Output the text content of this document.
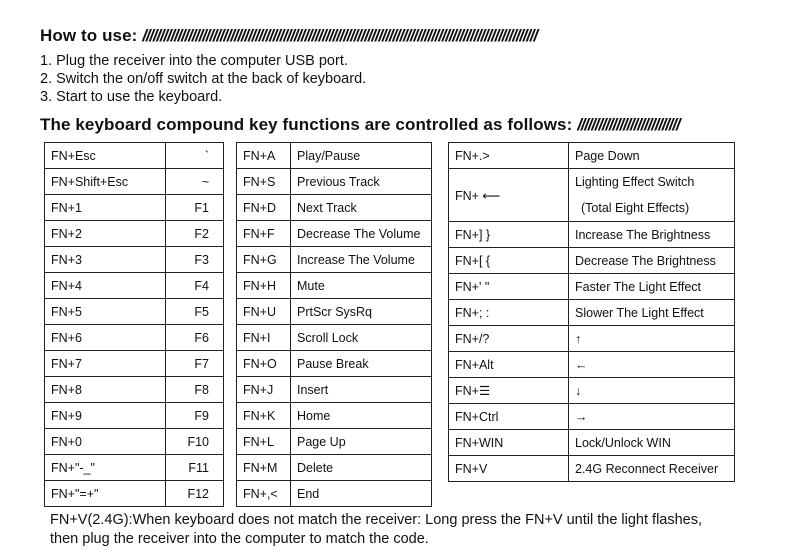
How to use: ////////////////////////////////////////////////////////////////////////////////////////////////////////////////
1. Plug the receiver into the computer USB port.
2. Switch the on/off switch at the back of keyboard.
3. Start to use the keyboard.
The keyboard compound key functions are controlled as follows: /////////////////////////////
FN+Esc	`
FN+Shift+Esc	~
FN+1	F1
FN+2	F2
FN+3	F3
FN+4	F4
FN+5	F5
FN+6	F6
FN+7	F7
FN+8	F8
FN+9	F9
FN+0	F10
FN+"-_"	F11
FN+"=+"	F12
FN+A	Play/Pause
FN+S	Previous Track
FN+D	Next Track
FN+F	Decrease The Volume
FN+G	Increase The Volume
FN+H	Mute
FN+U	PrtScr SysRq
FN+I	Scroll Lock
FN+O	Pause Break
FN+J	Insert
FN+K	Home
FN+L	Page Up
FN+M	Delete
FN+,<	End
FN+.>	Page Down
FN+ ⟵	Lighting Effect Switch
(Total Eight Effects)

FN+] }	Increase The Brightness
FN+[ {	Decrease The Brightness
FN+' "	Faster The Light Effect
FN+; :	Slower The Light Effect
FN+/?	↑
FN+Alt	←
FN+☰	↓
FN+Ctrl	→
FN+WIN	Lock/Unlock WIN
FN+V	2.4G Reconnect Receiver
FN+V(2.4G):When keyboard does not match the receiver: Long press the FN+V until the light flashes,
then plug the receiver into the computer to match the code.
